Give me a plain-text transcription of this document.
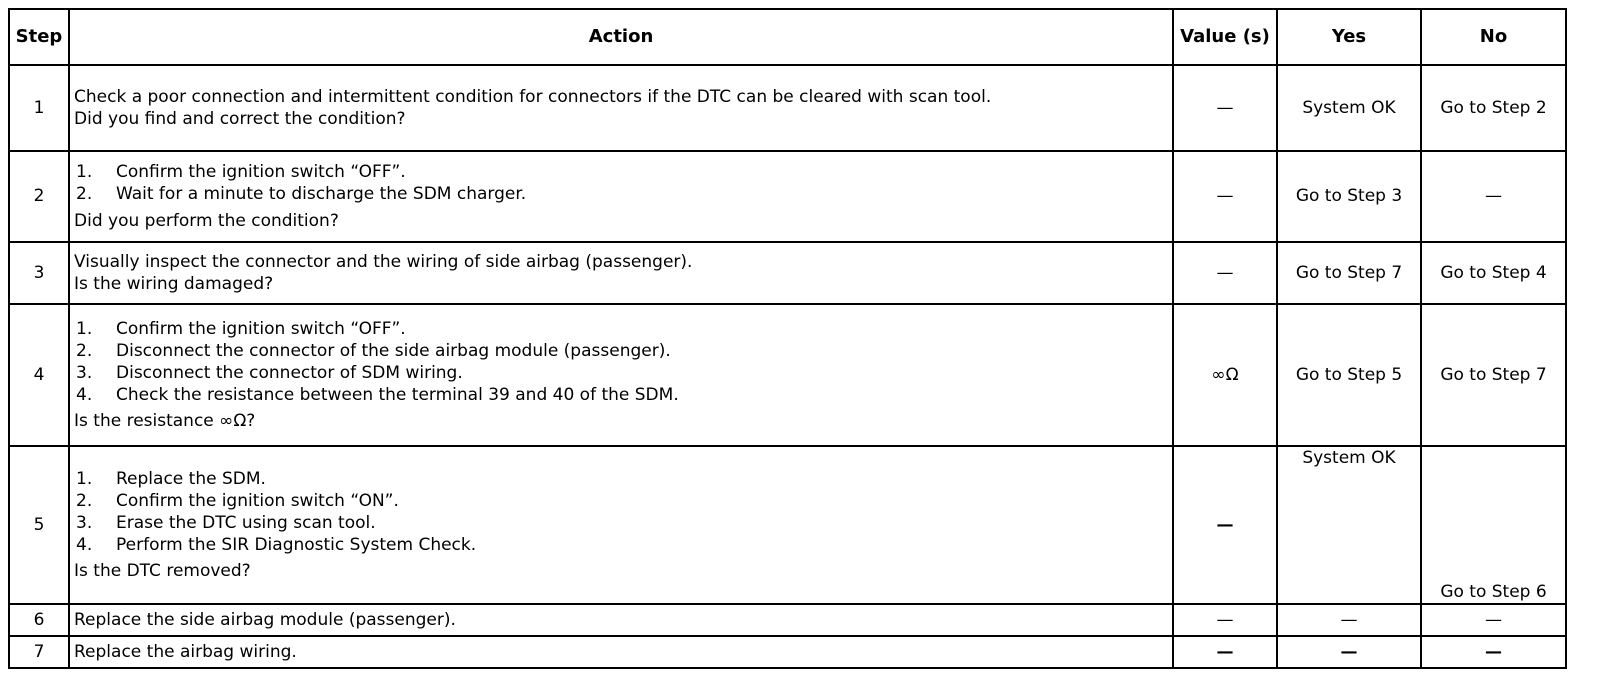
Step	Action	Value (s)	Yes	No
1	Check a poor connection and intermittent condition for connectors if the DTC can be cleared with scan tool.
Did you find and correct the condition?	—	System OK	Go to Step 2
2	1. Confirm the ignition switch “OFF”.
2. Wait for a minute to discharge the SDM charger.
Did you perform the condition?	—	Go to Step 3	—
3	Visually inspect the connector and the wiring of side airbag (passenger).
Is the wiring damaged?	—	Go to Step 7	Go to Step 4
4	1. Confirm the ignition switch “OFF”.
2. Disconnect the connector of the side airbag module (passenger).
3. Disconnect the connector of SDM wiring.
4. Check the resistance between the terminal 39 and 40 of the SDM.
Is the resistance ∞Ω?	∞Ω	Go to Step 5	Go to Step 7
5	1. Replace the SDM.
2. Confirm the ignition switch “ON”.
3. Erase the DTC using scan tool.
4. Perform the SIR Diagnostic System Check.
Is the DTC removed?	—	System OK	Go to Step 6
6	Replace the side airbag module (passenger).	—	—	—
7	Replace the airbag wiring.	—	—	—
